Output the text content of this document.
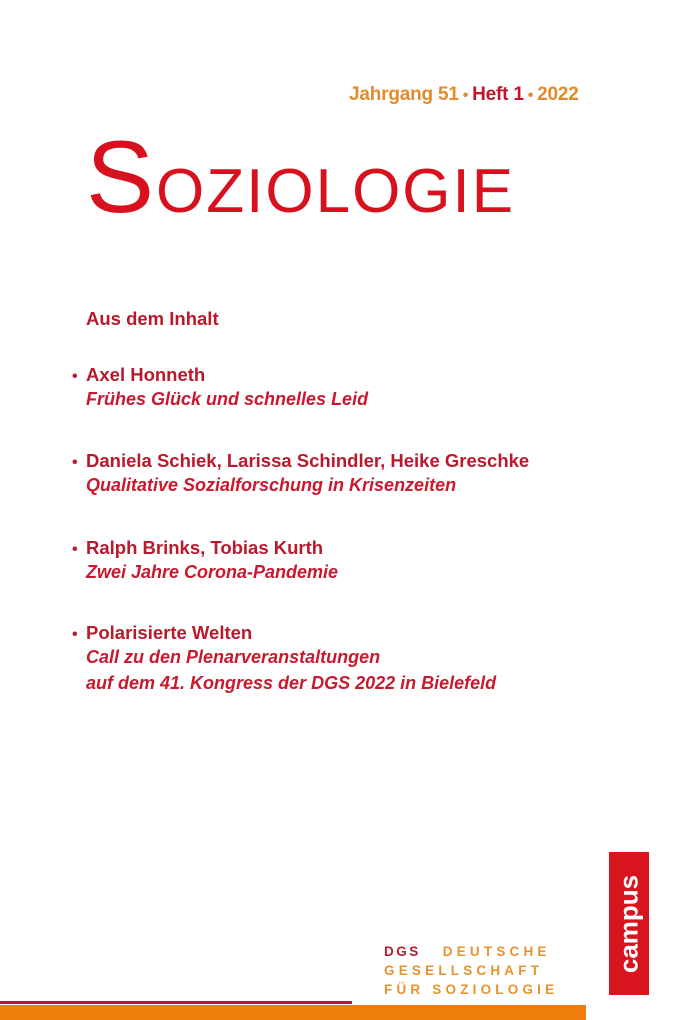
Jahrgang 51 • Heft 1 • 2022
Soziologie
Aus dem Inhalt
• Axel Honneth
Frühes Glück und schnelles Leid
• Daniela Schiek, Larissa Schindler, Heike Greschke
Qualitative Sozialforschung in Krisenzeiten
• Ralph Brinks, Tobias Kurth
Zwei Jahre Corona-Pandemie
• Polarisierte Welten
Call zu den Plenarveranstaltungen
auf dem 41. Kongress der DGS 2022 in Bielefeld
DGS DEUTSCHE
GESELLSCHAFT
FÜR SOZIOLOGIE
campus
